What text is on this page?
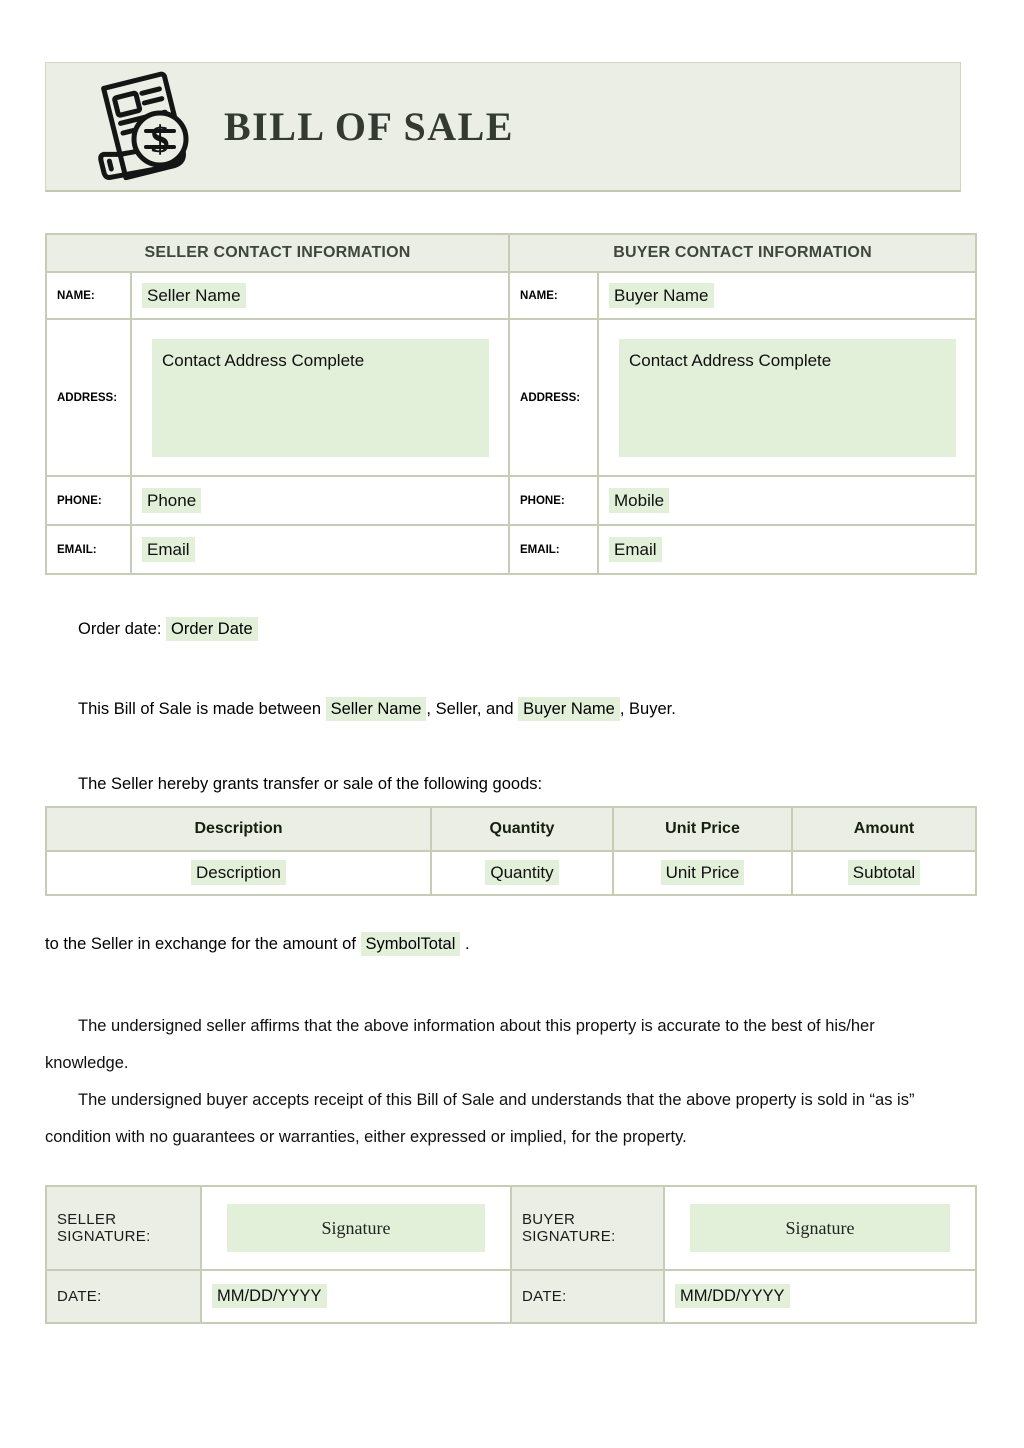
$ BILL OF SALE
SELLER CONTACT INFORMATION		BUYER CONTACT INFORMATION	
NAME:	Seller Name	NAME:	Buyer Name
ADDRESS:	Contact Address Complete	ADDRESS:	Contact Address Complete

PHONE:	Phone	PHONE:	Mobile
EMAIL:	Email	EMAIL:	Email
Order date: Order Date
This Bill of Sale is made between Seller Name , Seller, and Buyer Name , Buyer.
The Seller hereby grants transfer or sale of the following goods:
Description	Quantity	Unit Price	Amount
Description	Quantity	Unit Price	Subtotal
to the Seller in exchange for the amount of SymbolTotal .

The undersigned seller affirms that the above information about this property is accurate to the best of his/her knowledge.

The undersigned buyer accepts receipt of this Bill of Sale and understands that the above property is sold in “as is” condition with no guarantees or warranties, either expressed or implied, for the property.

SELLER SIGNATURE:	Signature	BUYER SIGNATURE:	Signature

DATE:	MM/DD/YYYY	DATE:	MM/DD/YYYY
